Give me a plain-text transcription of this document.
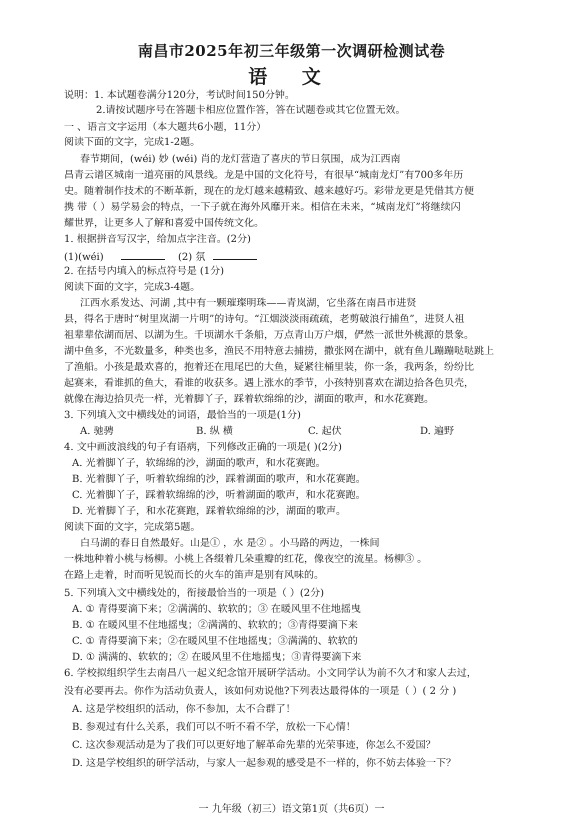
南昌市2025年初三年级第一次调研检测试卷
语 文
说明：1. 本试题卷满分120分，考试时间150分钟。
2.请按试题序号在答题卡相应位置作答，答在试题卷或其它位置无效。
一 、语言文字运用（本大题共6小题，11分）
阅读下面的文字，完成1-2题。
春节期间，(wéi) 妙 (wéi) 肖的龙灯营造了喜庆的节日氛围，成为江西南
昌青云谱区城南一道亮丽的风景线。龙是中国的文化符号，有很早“城南龙灯”有700多年历
史。随着制作技术的不断革新，现在的龙灯越来越精致、越来越好巧。彩带龙更是凭借其方便
携 带（ ）易学易会的特点，一下子就在海外风靡开来。相信在未来，“城南龙灯”将继续闪
耀世界，让更多人了解和喜爱中国传统文化。
1. 根据拼音写汉字，给加点字注音。(2分)
(1)(wéi)	(2) 氛
2. 在括号内填入的标点符号是 (1分)
阅读下面的文字，完成3-4题。
江西水系发达、河湖 ,其中有一颗璀璨明珠——青岚湖，它坐落在南昌市进贤
县，得名于唐时“树里岚湖一片明”的诗句。“江烟淡淡雨疏疏，老剪破浪行捕鱼”，进贤人祖
祖辈辈依湖而居、以湖为生。千顷湖水千条船，万点青山万户烟，俨然一派世外桃源的景象。
湖中鱼多，不光数量多，种类也多，渔民不用特意去捕捞，撒张网在湖中，就有鱼儿蹦蹦哒哒跳上
了渔船。小孩是最欢喜的，抱着还在甩尾巴的大鱼，疑紧往桶里装，你一条，我两条，纷纷比
起赛来，看谁抓的鱼大，看谁的收获多。遇上涨水的季节，小孩特别喜欢在湖边拾各色贝壳，
就像在海边拾贝壳一样，光着脚丫子，踩着软绵绵的沙，湖面的歌声，和水花赛跑。
3. 下列填入文中横线处的词语，最恰当的一项是(1分)
A. 驰骋	B. 纵 横	C. 起伏	D. 遍野
4. 文中画波浪线的句子有语病，下列修改正确的一项是( )(2分)
A. 光着脚丫子，软绵绵的沙，湖面的歌声，和水花赛跑。
B. 光着脚丫子，听着软绵绵的沙，踩着湖面的歌声，和水花赛跑。
C. 光着脚丫子，踩着软绵绵的沙，听着湖面的歌声，和水花赛跑。
D. 光着脚丫子，和水花赛跑，踩着软绵绵的沙，湖面的歌声。
阅读下面的文字，完成第5题。
白马湖的春日自然最好。山是① ，水 是② 。小马路的两边，一株间
一株地种着小桃与杨柳。小桃上各缀着几朵重瓣的红花，像夜空的流星。杨柳③ 。
在路上走着，时而听见锐而长的火车的笛声是别有风味的。
5. 下列填入文中横线处的，衔接最恰当的一项是（ ）(2分)
A. ① 青得要滴下来；②满满的、软软的；③ 在暖风里不住地摇曳
B. ① 在暖风里不住地摇曳；②满满的、软软的；③青得要滴下来
C. ① 青得要滴下来；②在暖风里不住地摇曳；③满满的、软软的
D. ① 满满的、软软的；② 在暖风里不住地摇曳；③青得要滴下来
6. 学校拟组织学生去南昌八一起义纪念馆开展研学活动。小文同学认为前不久才和家人去过，
没有必要再去。你作为活动负责人，该如何劝说他?下列表达最得体的一项是（ ）( 2 分 )
A. 这是学校组织的活动，你不参加，太不合群了！
B. 参观过有什么关系，我们可以不听不看不学，放松一下心情！
C. 这次参观活动是为了我们可以更好地了解革命先辈的光荣事迹，你怎么不爱国？
D. 这是学校组织的研学活动，与家人一起参观的感受是不一样的，你不妨去体验一下？
一 九年级（初三）语文第1页（共6页）一
